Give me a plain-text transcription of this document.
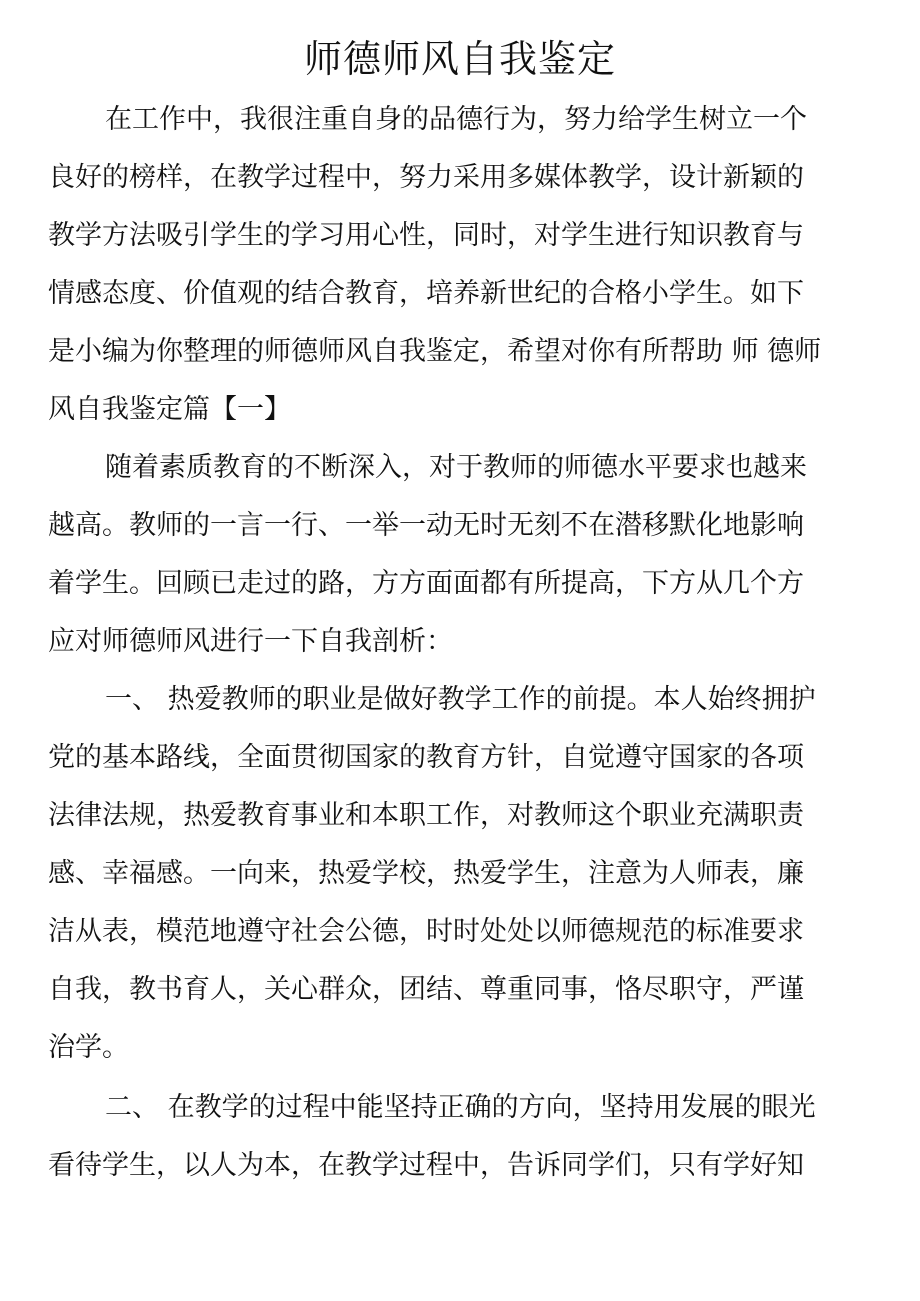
师德师风自我鉴定
在工作中，我很注重自身的品德行为，努力给学生树立一个
良好的榜样，在教学过程中，努力采用多媒体教学，设计新颖的
教学方法吸引学生的学习用心性，同时，对学生进行知识教育与
情感态度、价值观的结合教育，培养新世纪的合格小学生。如下
是小编为你整理的师德师风自我鉴定，希望对你有所帮助 师 德师
风自我鉴定篇【一】
随着素质教育的不断深入，对于教师的师德水平要求也越来
越高。教师的一言一行、一举一动无时无刻不在潜移默化地影响
着学生。回顾已走过的路，方方面面都有所提高，下方从几个方
应对师德师风进行一下自我剖析：
一、 热爱教师的职业是做好教学工作的前提。本人始终拥护
党的基本路线，全面贯彻国家的教育方针，自觉遵守国家的各项
法律法规，热爱教育事业和本职工作，对教师这个职业充满职责
感、幸福感。一向来，热爱学校，热爱学生，注意为人师表，廉
洁从表，模范地遵守社会公德，时时处处以师德规范的标准要求
自我，教书育人，关心群众，团结、尊重同事，恪尽职守，严谨
治学。
二、 在教学的过程中能坚持正确的方向，坚持用发展的眼光
看待学生，以人为本，在教学过程中，告诉同学们，只有学好知
